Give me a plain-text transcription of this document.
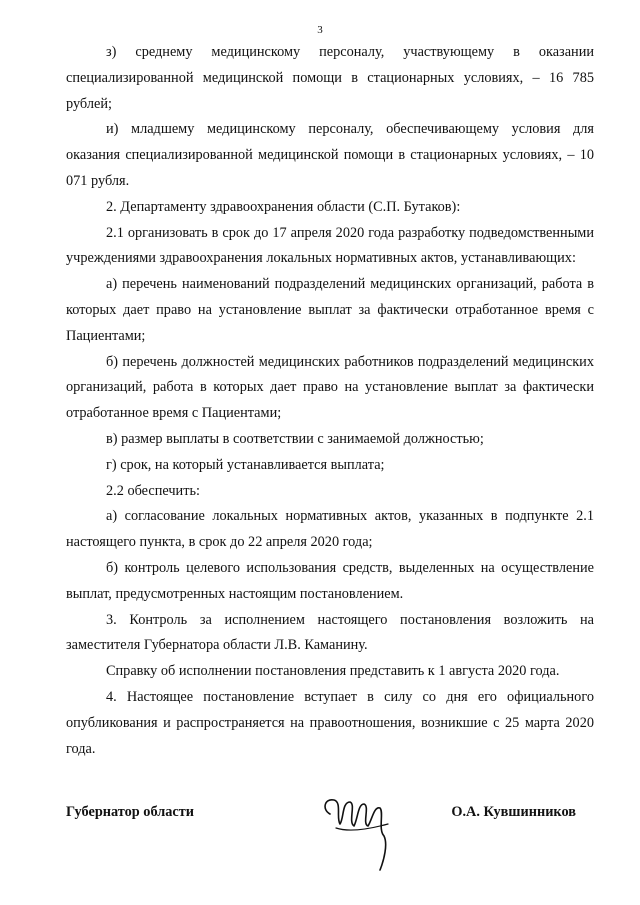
3

з) среднему медицинскому персоналу, участвующему в оказании специализированной медицинской помощи в стационарных условиях, – 16 785 рублей;

и) младшему медицинскому персоналу, обеспечивающему условия для оказания специализированной медицинской помощи в стационарных условиях, – 10 071 рубля.

2. Департаменту здравоохранения области (С.П. Бутаков):

2.1 организовать в срок до 17 апреля 2020 года разработку подведомственными учреждениями здравоохранения локальных нормативных актов, устанавливающих:

а) перечень наименований подразделений медицинских организаций, работа в которых дает право на установление выплат за фактически отработанное время с Пациентами;

б) перечень должностей медицинских работников подразделений медицинских организаций, работа в которых дает право на установление выплат за фактически отработанное время с Пациентами;

в) размер выплаты в соответствии с занимаемой должностью;

г) срок, на который устанавливается выплата;

2.2 обеспечить:

а) согласование локальных нормативных актов, указанных в подпункте 2.1 настоящего пункта, в срок до 22 апреля 2020 года;

б) контроль целевого использования средств, выделенных на осуществление выплат, предусмотренных настоящим постановлением.

3. Контроль за исполнением настоящего постановления возложить на заместителя Губернатора области Л.В. Каманину.

Справку об исполнении постановления представить к 1 августа 2020 года.

4. Настоящее постановление вступает в силу со дня его официального опубликования и распространяется на правоотношения, возникшие с 25 марта 2020 года.

Губернатор области	О.А. Кувшинников
